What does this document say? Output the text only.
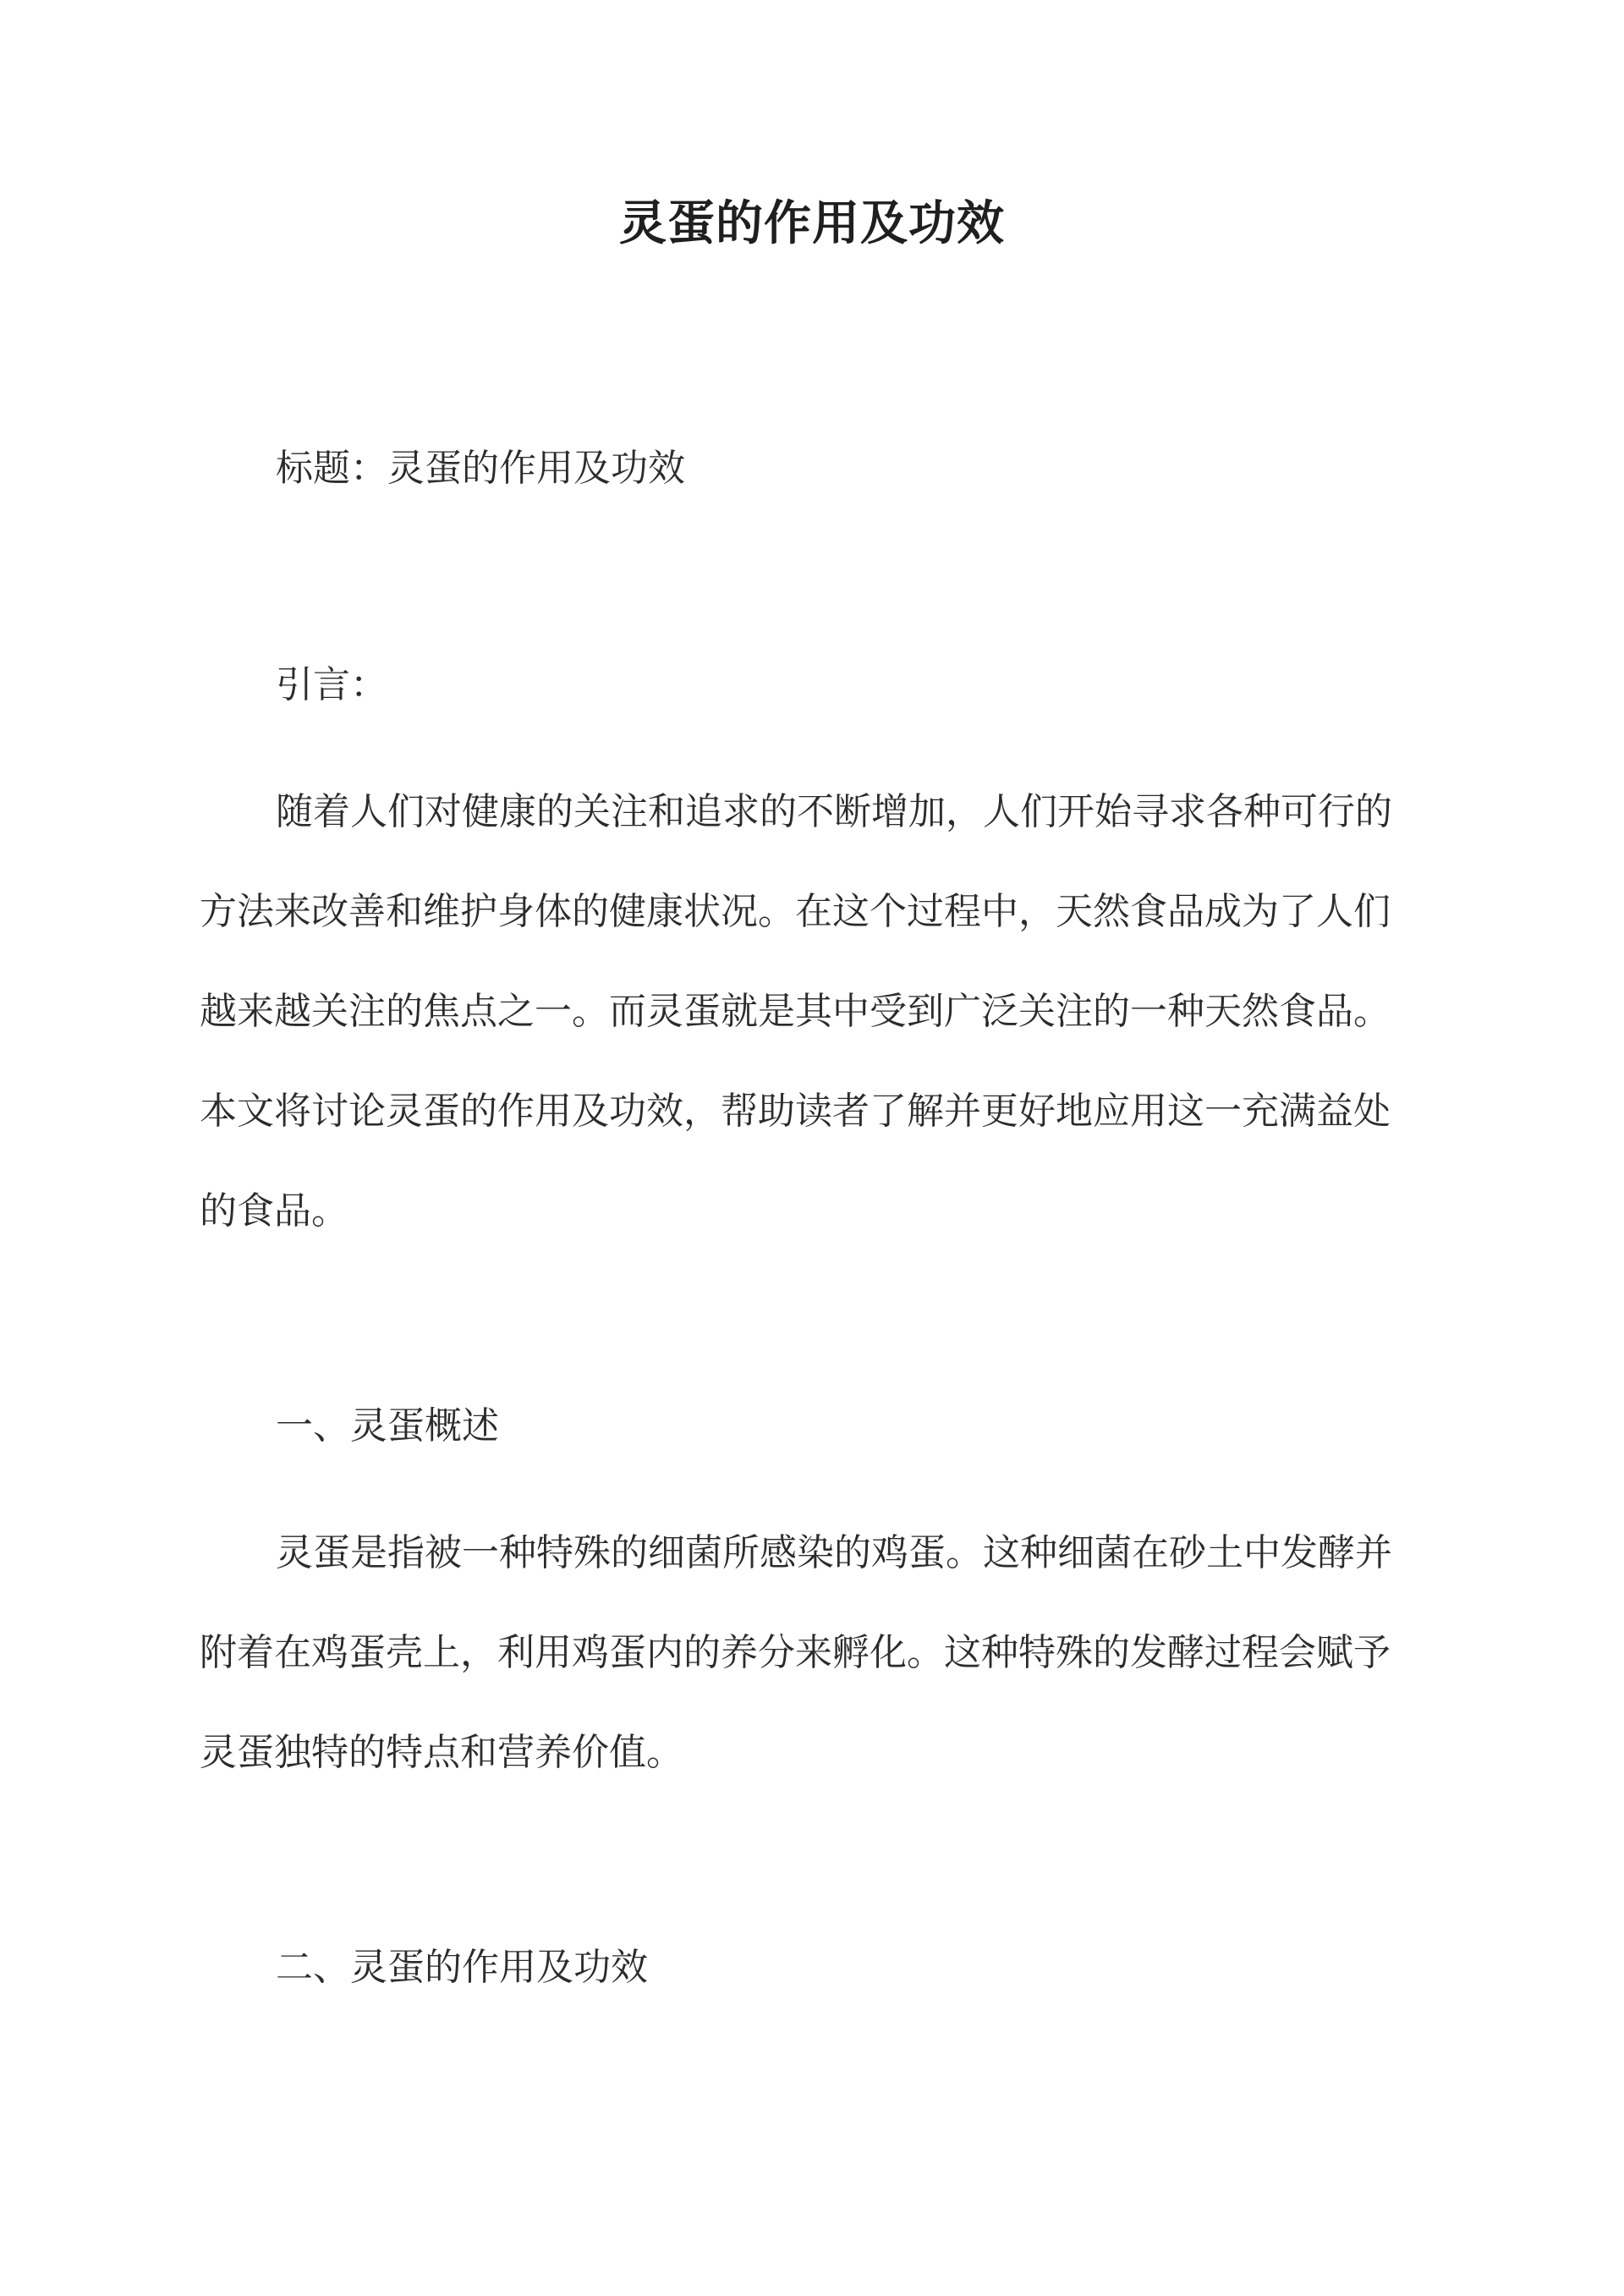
灵蛋的作用及功效
标题：灵蛋的作用及功效
引言：
随着人们对健康的关注和追求的不断增加，人们开始寻求各种可行的
方法来改善和维护身体的健康状况。在这个过程中，天然食品成为了人们
越来越关注的焦点之一。而灵蛋就是其中受到广泛关注的一种天然食品。
本文将讨论灵蛋的作用及功效，帮助读者了解并更好地应用这一充满益处
的食品。
一、灵蛋概述
灵蛋是指被一种特殊的细菌所感染的鸡蛋。这种细菌在砂土中发酵并
附着在鸡蛋壳上，利用鸡蛋内的养分来孵化。这种特殊的发酵过程会赋予
灵蛋独特的特点和营养价值。
二、灵蛋的作用及功效
